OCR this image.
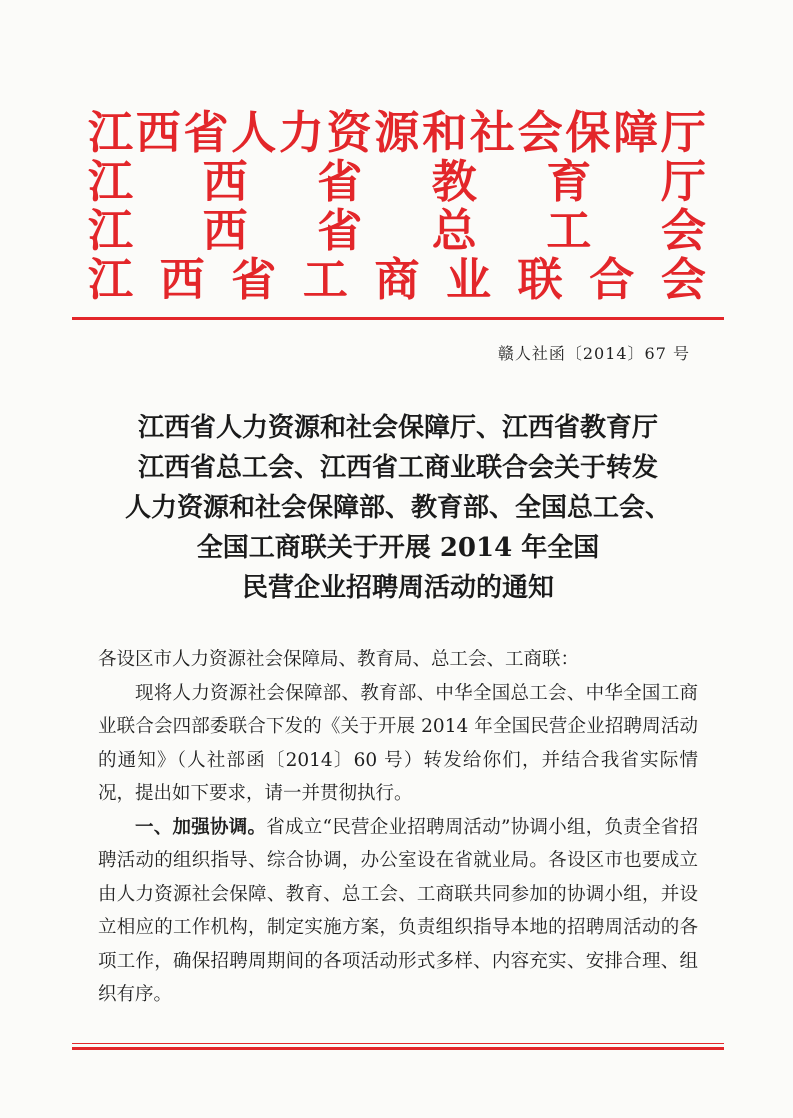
江 西 省 人 力 资 源 和 社 会 保 障 厅
江 西 省 教 育 厅
江 西 省 总 工 会
江 西 省 工 商 业 联 合 会
赣人社函〔2014〕67 号
江西省人力资源和社会保障厅、江西省教育厅
江西省总工会、江西省工商业联合会关于转发
人力资源和社会保障部、教育部、全国总工会、
全国工商联关于开展 2014 年全国
民营企业招聘周活动的通知

各设区市人力资源社会保障局、教育局、总工会、工商联：

现将人力资源社会保障部、教育部、中华全国总工会、中华全国工商业联合会四部委联合下发的《关于开展 2014 年全国民营企业招聘周活动的通知》（人社部函〔2014〕60 号）转发给你们，并结合我省实际情况，提出如下要求，请一并贯彻执行。

一、加强协调。省成立“民营企业招聘周活动”协调小组，负责全省招聘活动的组织指导、综合协调，办公室设在省就业局。各设区市也要成立由人力资源社会保障、教育、总工会、工商联共同参加的协调小组，并设立相应的工作机构，制定实施方案，负责组织指导本地的招聘周活动的各项工作，确保招聘周期间的各项活动形式多样、内容充实、安排合理、组织有序。
